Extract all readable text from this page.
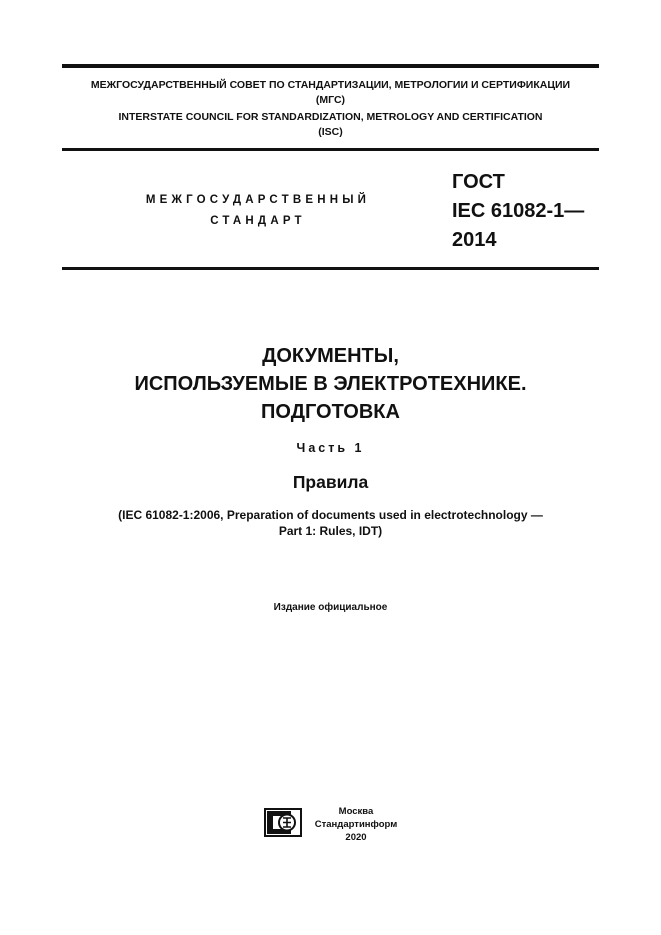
МЕЖГОСУДАРСТВЕННЫЙ СОВЕТ ПО СТАНДАРТИЗАЦИИ, МЕТРОЛОГИИ И СЕРТИФИКАЦИИ
(МГС)
INTERSTATE COUNCIL FOR STANDARDIZATION, METROLOGY AND CERTIFICATION
(ISC)
МЕЖГОСУДАРСТВЕННЫЙ
СТАНДАРТ
ГОСТ
IEC 61082-1—
2014
ДОКУМЕНТЫ,
ИСПОЛЬЗУЕМЫЕ В ЭЛЕКТРОТЕХНИКЕ.
ПОДГОТОВКА
Часть 1
Правила
(IEC 61082-1:2006, Preparation of documents used in electrotechnology —
Part 1: Rules, IDT)
Издание официальное
Москва
Стандартинформ
2020
